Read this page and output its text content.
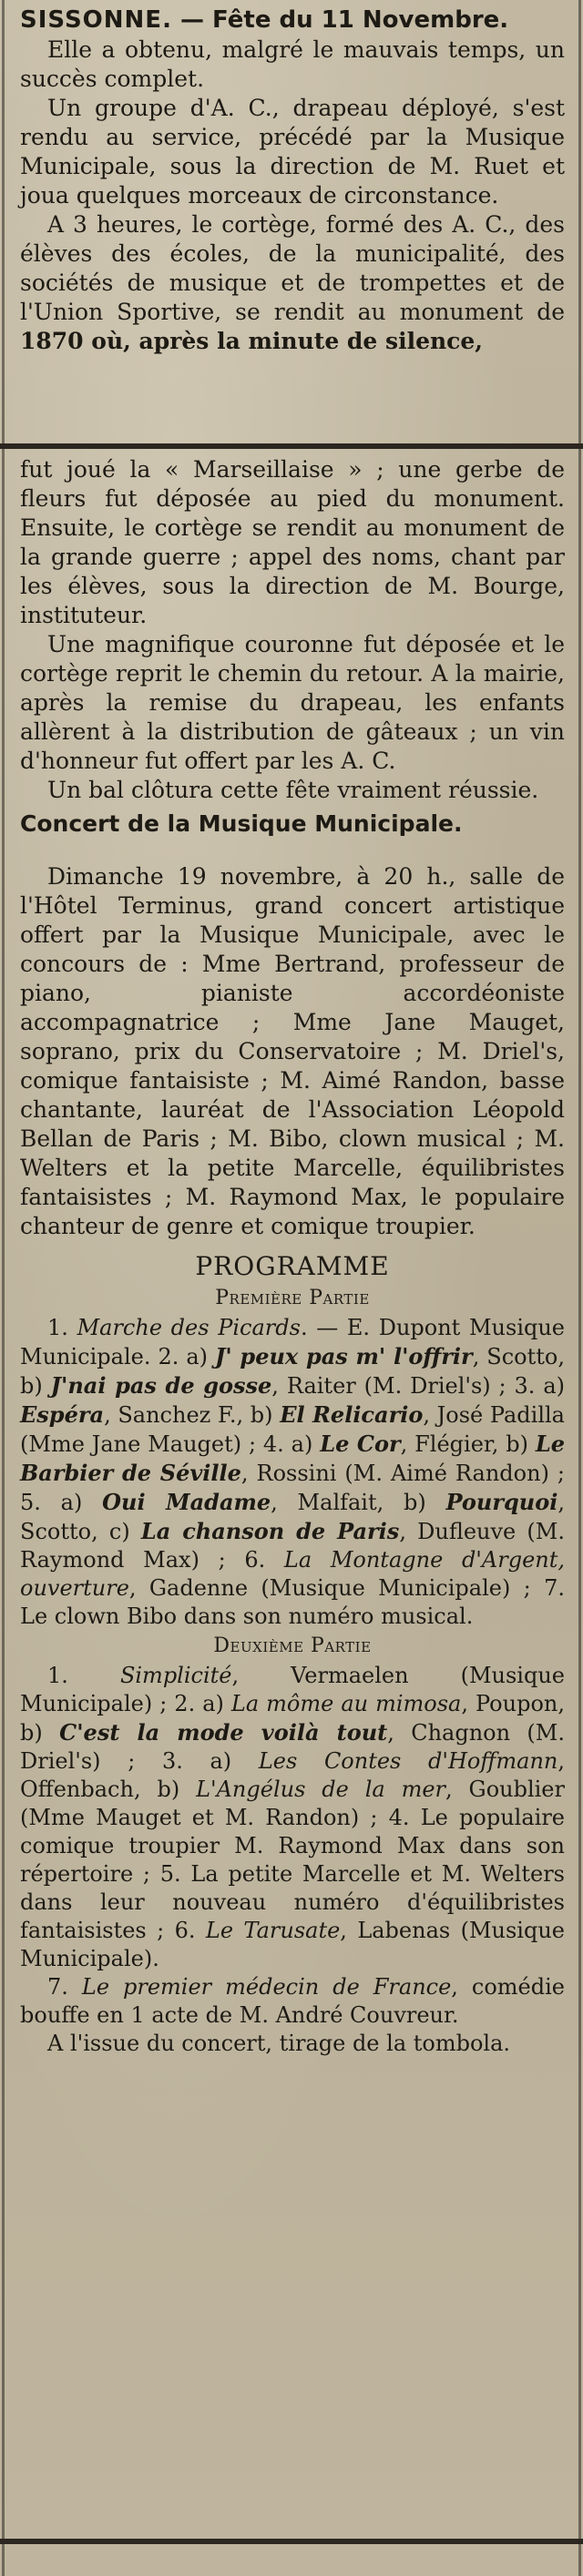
SISSONNE. — Fête du 11 Novembre.

Elle a obtenu, malgré le mauvais temps, un succès complet.

Un groupe d'A. C., drapeau déployé, s'est rendu au service, précédé par la Musique Municipale, sous la direction de M. Ruet et joua quelques morceaux de circonstance.

A 3 heures, le cortège, formé des A. C., des élèves des écoles, de la municipalité, des sociétés de musique et de trompettes et de l'Union Sportive, se rendit au monument de 1870 où, après la minute de silence,

fut joué la « Marseillaise » ; une gerbe de fleurs fut déposée au pied du monument. Ensuite, le cortège se rendit au monument de la grande guerre ; appel des noms, chant par les élèves, sous la direction de M. Bourge, instituteur.

Une magnifique couronne fut déposée et le cortège reprit le chemin du retour. A la mairie, après la remise du drapeau, les enfants allèrent à la distribution de gâteaux ; un vin d'honneur fut offert par les A. C.

Un bal clôtura cette fête vraiment réussie.

Concert de la Musique Municipale.

Dimanche 19 novembre, à 20 h., salle de l'Hôtel Terminus, grand concert artistique offert par la Musique Municipale, avec le concours de : Mme Bertrand, professeur de piano, pianiste accordéoniste accompagnatrice ; Mme Jane Mauget, soprano, prix du Conservatoire ; M. Driel's, comique fantaisiste ; M. Aimé Randon, basse chantante, lauréat de l'Association Léopold Bellan de Paris ; M. Bibo, clown musical ; M. Welters et la petite Marcelle, équilibristes fantaisistes ; M. Raymond Max, le populaire chanteur de genre et comique troupier.

PROGRAMME
Première Partie

1. Marche des Picards. — E. Dupont Musique Municipale. 2. a) J' peux pas m' l'offrir, Scotto, b) J'nai pas de gosse, Raiter (M. Driel's) ; 3. a) Espéra, Sanchez F., b) El Relicario, José Padilla (Mme Jane Mauget) ; 4. a) Le Cor, Flégier, b) Le Barbier de Séville, Rossini (M. Aimé Randon) ; 5. a) Oui Madame, Malfait, b) Pourquoi, Scotto, c) La chanson de Paris, Dufleuve (M. Raymond Max) ; 6. La Montagne d'Argent, ouverture, Gadenne (Musique Municipale) ; 7. Le clown Bibo dans son numéro musical.

Deuxième Partie

1. Simplicité, Vermaelen (Musique Municipale) ; 2. a) La môme au mimosa, Poupon, b) C'est la mode voilà tout, Chagnon (M. Driel's) ; 3. a) Les Contes d'Hoffmann, Offenbach, b) L'Angélus de la mer, Goublier (Mme Mauget et M. Randon) ; 4. Le populaire comique troupier M. Raymond Max dans son répertoire ; 5. La petite Marcelle et M. Welters dans leur nouveau numéro d'équilibristes fantaisistes ; 6. Le Tarusate, Labenas (Musique Municipale).

7. Le premier médecin de France, comédie bouffe en 1 acte de M. André Couvreur.

A l'issue du concert, tirage de la tombola.
